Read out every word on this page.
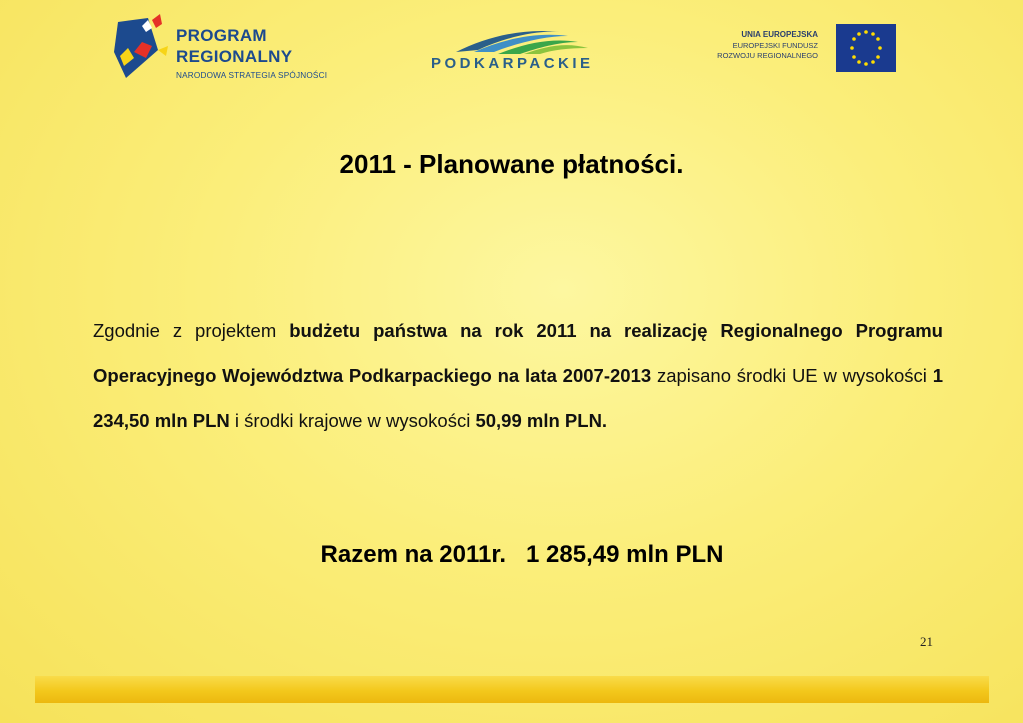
PROGRAM
REGIONALNY
NARODOWA STRATEGIA SPÓJNOŚCI
PODKARPACKIE
UNIA EUROPEJSKA
EUROPEJSKI FUNDUSZ
ROZWOJU REGIONALNEGO
2011 - Planowane płatności.
Zgodnie z projektem budżetu państwa na rok 2011 na realizację Regionalnego Programu Operacyjnego Województwa Podkarpackiego na lata 2007-2013 zapisano środki UE w wysokości 1 234,50 mln PLN i środki krajowe w wysokości 50,99 mln PLN.
Razem na 2011r.   1 285,49 mln PLN
21
